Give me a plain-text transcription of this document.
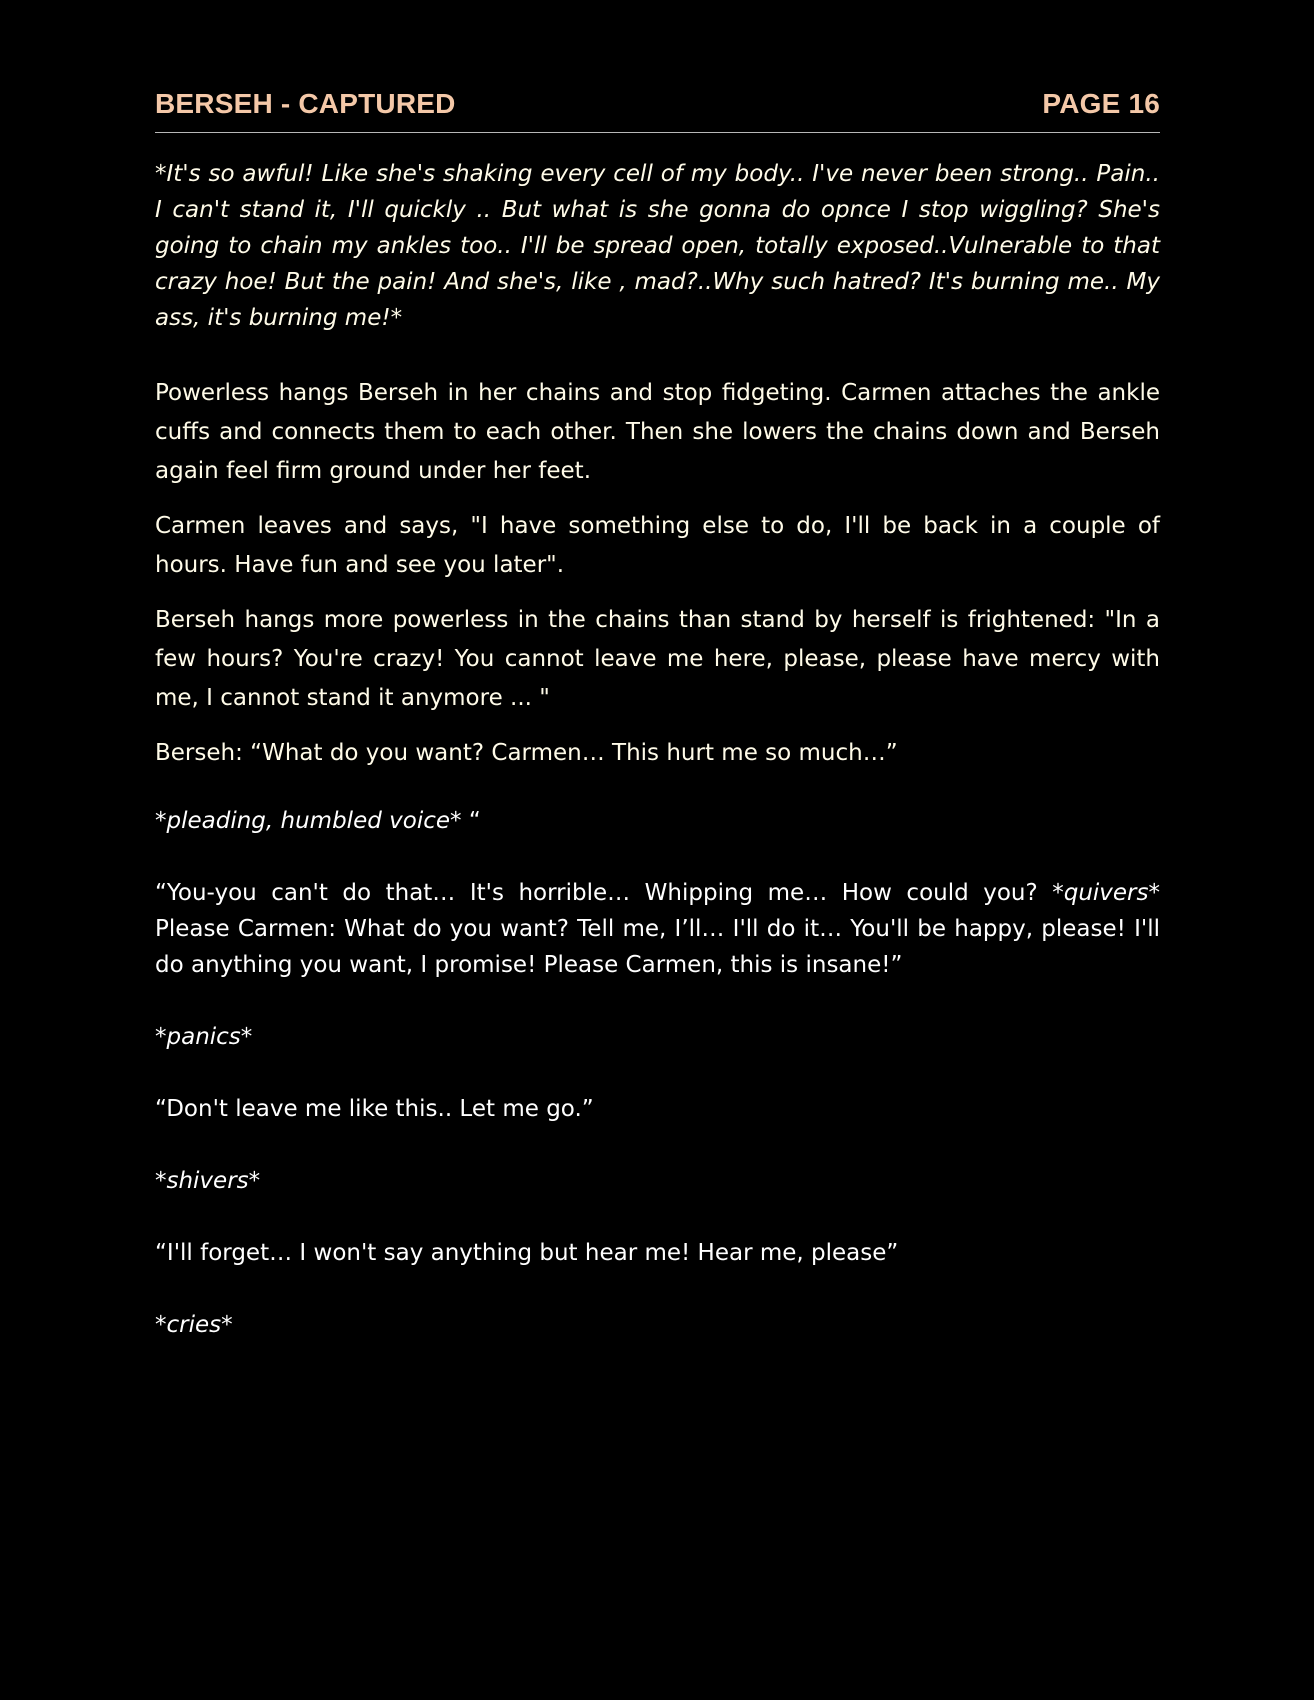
BERSEH - CAPTURED	PAGE 16

*It's so awful! Like she's shaking every cell of my body.. I've never been strong.. Pain.. I can't stand it, I'll quickly .. But what is she gonna do opnce I stop wiggling? She's going to chain my ankles too.. I'll be spread open, totally exposed..Vulnerable to that crazy hoe! But the pain! And she's, like , mad?..Why such hatred? It's burning me.. My ass, it's burning me!*

Powerless hangs Berseh in her chains and stop fidgeting. Carmen attaches the ankle cuffs and connects them to each other. Then she lowers the chains down and Berseh again feel firm ground under her feet.

Carmen leaves and says, "I have something else to do, I'll be back in a couple of hours. Have fun and see you later".

Berseh hangs more powerless in the chains than stand by herself is frightened: "In a few hours? You're crazy! You cannot leave me here, please, please have mercy with me, I cannot stand it anymore ... "

Berseh: “What do you want? Carmen… This hurt me so much…”

*pleading, humbled voice* “

“You-you can't do that… It's horrible… Whipping me… How could you? *quivers* Please Carmen: What do you want? Tell me, I’ll… I'll do it… You'll be happy, please! I'll do anything you want, I promise! Please Carmen, this is insane!”

*panics*

“Don't leave me like this.. Let me go.”

*shivers*

“I'll forget… I won't say anything but hear me! Hear me, please”

*cries*
